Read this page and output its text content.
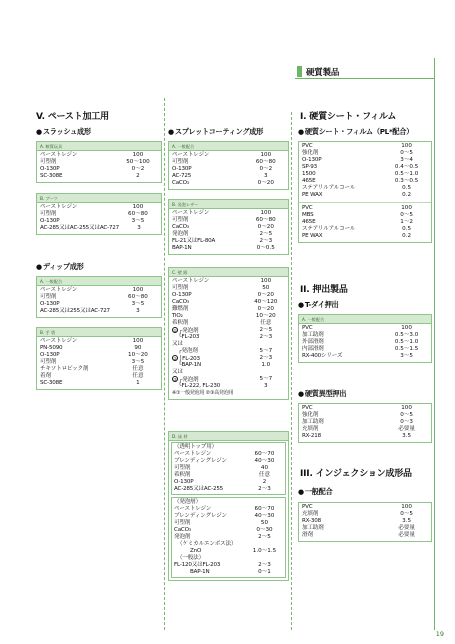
硬質製品
V. ペースト加工用
●スラッシュ成形
A. 軟質玩具
ペーストレジン	100
可塑剤	50〜100
O-130P	0〜2
SC-308E	2
B. ブーツ
ペーストレジン	100
可塑剤	60〜80
O-130P	3〜5
AC-285又はAC-255又はAC-727	3
●ディップ成形
A. 一般配合
ペーストレジン	100
可塑剤	60〜80
O-130P	3〜5
AC-285又は255又はAC-727	3
B. 手 袋
ペーストレジン	100
PN-5090	90
O-130P	10〜20
可塑剤	3〜5
チキソトロピック剤	任意
着剤	任意
SC-308E	1
●スプレットコーティング成形
A. 一般配合
ペーストレジン	100
可塑剤	60〜80
O-130P	0〜2
AC-725	3
CaCO₃	0〜20
B. 発泡レザー
ペーストレジン	100
可塑剤	60〜80
CaCO₃	0〜20
発泡剤	2〜5
FL-21又はFL-80A	2〜3
BAP-1N	0〜0.5
C. 壁 紙
ペーストレジン	100
可塑剤	50
O-130P	0〜20
CaCO₃	40〜120
難燃剤	0〜20
TiO₂	10〜20
希釈剤	任意
① ┌発泡剤	2〜5
└FL-203	2〜3
又は
┌発泡剤	5〜7
② │FL-203	2〜3
└BAP-1N	1.0
又は
③ ┌発泡剤	5〜7
└FL-222, FL-230	3
※①一般発泡用 ②③高発泡用
D. 床 材
（透明トップ用）
ペーストレジン	60〜70
ブレンディングレジン	40〜30
可塑剤	40
希釈剤	任意
O-130P	2
AC-285又はAC-255	2〜3
（発泡層）
ペーストレジン	60〜70
ブレンディングレジン	40〜30
可塑剤	50
CaCO₃	0〜30
発泡剤	2〜5
（ケミカルエンボス法）
ZnO	1.0〜1.5
（一般法）
FL-120又はFL-203	2〜3
BAP-1N	0〜1
I. 硬質シート・フィルム
●硬質シート・フィルム（PL*配合）
PVC	100
強化剤	0〜5
O-130P	3〜4
SP-93	0.4〜0.5
1500	0.5〜1.0
465E	0.3〜0.5
ステアリルアルコール	0.5
PE WAX	0.2
PVC	100
MBS	0〜5
465E	1〜2
ステアリルアルコール	0.5
PE WAX	0.2
II. 押出製品
●T-ダイ押出
A. 一般配合
PVC	100
加工助剤	0.5〜3.0
外部滑剤	0.5〜1.0
内部滑剤	0.5〜1.5
RX-400シリーズ	3〜5
●硬質異型押出
PVC	100
強化剤	0〜5
加工助剤	0〜3
充填剤	必要量
RX-218	3.5
III. インジェクション成形品
●一般配合
PVC	100
充填剤	0〜5
RX-308	3.5
加工助剤	必要量
滑剤	必要量
19
